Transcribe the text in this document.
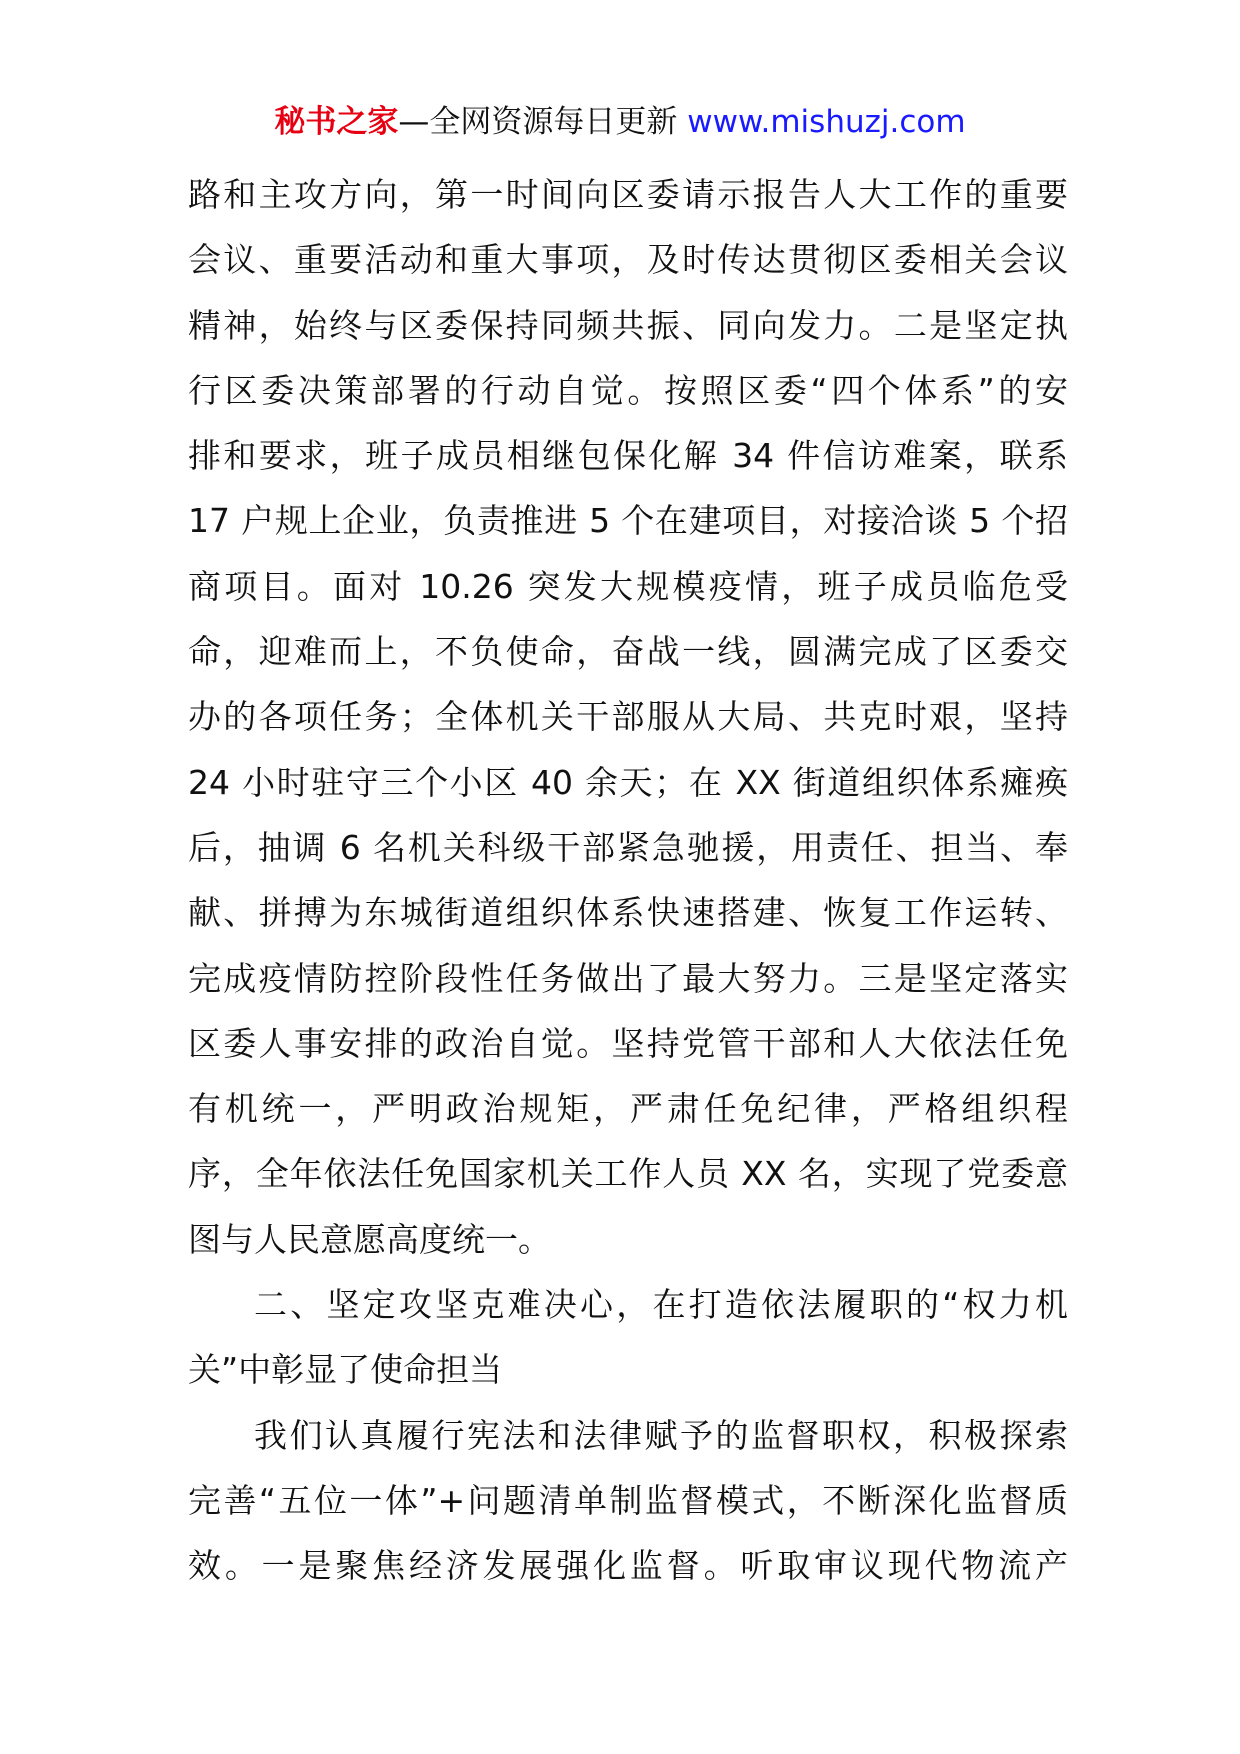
秘书之家—全网资源每日更新 www.mishuzj.com
路和主攻方向，第一时间向区委请示报告人大工作的重要
会议、重要活动和重大事项，及时传达贯彻区委相关会议
精神，始终与区委保持同频共振、同向发力。二是坚定执
行区委决策部署的行动自觉。按照区委“四个体系”的安
排和要求，班子成员相继包保化解 34 件信访难案，联系
17 户规上企业，负责推进 5 个在建项目，对接洽谈 5 个招
商项目。面对 10.26 突发大规模疫情，班子成员临危受
命，迎难而上，不负使命，奋战一线，圆满完成了区委交
办的各项任务；全体机关干部服从大局、共克时艰，坚持
24 小时驻守三个小区 40 余天；在 XX 街道组织体系瘫痪
后，抽调 6 名机关科级干部紧急驰援，用责任、担当、奉
献、拼搏为东城街道组织体系快速搭建、恢复工作运转、
完成疫情防控阶段性任务做出了最大努力。三是坚定落实
区委人事安排的政治自觉。坚持党管干部和人大依法任免
有机统一，严明政治规矩，严肃任免纪律，严格组织程
序，全年依法任免国家机关工作人员 XX 名，实现了党委意
图与人民意愿高度统一。
二、坚定攻坚克难决心，在打造依法履职的“权力机
关”中彰显了使命担当
我们认真履行宪法和法律赋予的监督职权，积极探索
完善“五位一体”+问题清单制监督模式，不断深化监督质
效。一是聚焦经济发展强化监督。听取审议现代物流产
